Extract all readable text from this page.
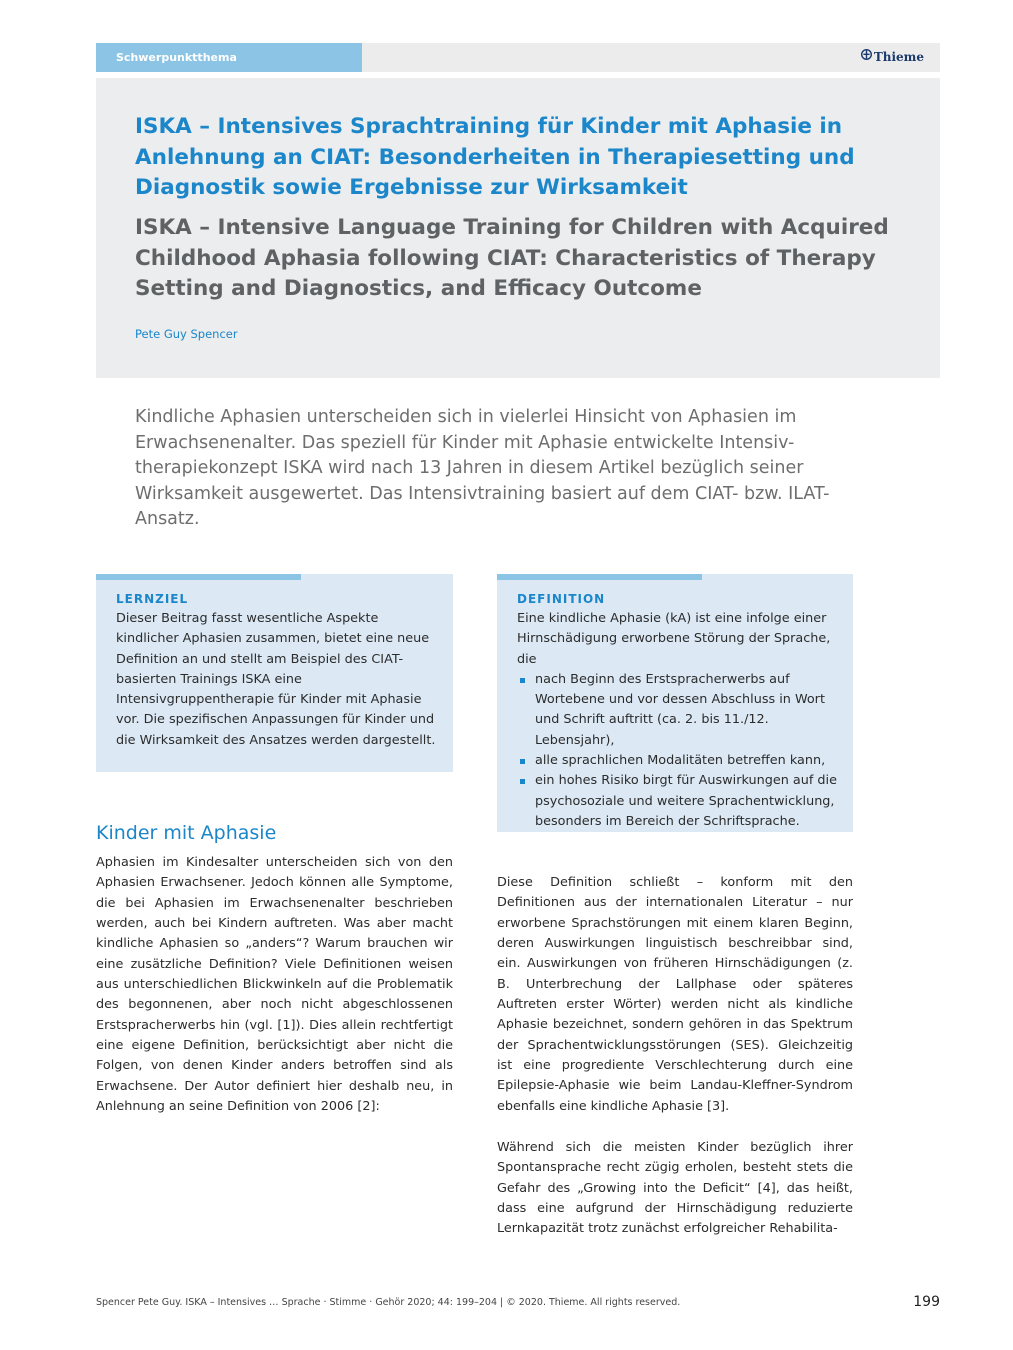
Schwerpunktthema	Thieme
ISKA – Intensives Sprachtraining für Kinder mit Aphasie in Anlehnung an CIAT: Besonderheiten in Therapiesetting und Diagnostik sowie Ergebnisse zur Wirksamkeit
ISKA – Intensive Language Training for Children with Acquired Childhood Aphasia following CIAT: Characteristics of Therapy Setting and Diagnostics, and Efficacy Outcome
Pete Guy Spencer

Kindliche Aphasien unterscheiden sich in vielerlei Hinsicht von Aphasien im Erwachsenenalter. Das speziell für Kinder mit Aphasie entwickelte Intensiv-therapiekonzept ISKA wird nach 13 Jahren in diesem Artikel bezüglich seiner Wirksamkeit ausgewertet. Das Intensivtraining basiert auf dem CIAT- bzw. ILAT-Ansatz.

LERNZIEL

Dieser Beitrag fasst wesentliche Aspekte kindlicher Aphasien zusammen, bietet eine neue Definition an und stellt am Beispiel des CIAT-basierten Trainings ISKA eine Intensivgruppentherapie für Kinder mit Aphasie vor. Die spezifischen Anpassungen für Kinder und die Wirksamkeit des Ansatzes werden dargestellt.

DEFINITION

Eine kindliche Aphasie (kA) ist eine infolge einer Hirnschädigung erworbene Störung der Sprache, die

nach Beginn des Erstspracherwerbs auf Wortebene und vor dessen Abschluss in Wort und Schrift auftritt (ca. 2. bis 11./12. Lebensjahr),
alle sprachlichen Modalitäten betreffen kann,
ein hohes Risiko birgt für Auswirkungen auf die psychosoziale und weitere Sprachentwicklung, besonders im Bereich der Schriftsprache.
Kinder mit Aphasie

Aphasien im Kindesalter unterscheiden sich von den Aphasien Erwachsener. Jedoch können alle Symptome, die bei Aphasien im Erwachsenenalter beschrieben werden, auch bei Kindern auftreten. Was aber macht kindliche Aphasien so „anders“? Warum brauchen wir eine zusätzliche Definition? Viele Definitionen weisen aus unterschiedlichen Blickwinkeln auf die Problematik des begonnenen, aber noch nicht abgeschlossenen Erstspracherwerbs hin (vgl. [1]). Dies allein rechtfertigt eine eigene Definition, berücksichtigt aber nicht die Folgen, von denen Kinder anders betroffen sind als Erwachsene. Der Autor definiert hier deshalb neu, in Anlehnung an seine Definition von 2006 [2]:

Diese Definition schließt – konform mit den Definitionen aus der internationalen Literatur – nur erworbene Sprachstörungen mit einem klaren Beginn, deren Auswirkungen linguistisch beschreibbar sind, ein. Auswirkungen von früheren Hirnschädigungen (z. B. Unterbrechung der Lallphase oder späteres Auftreten erster Wörter) werden nicht als kindliche Aphasie bezeichnet, sondern gehören in das Spektrum der Sprachentwicklungsstörungen (SES). Gleichzeitig ist eine progrediente Verschlechterung durch eine Epilepsie-Aphasie wie beim Landau-Kleffner-Syndrom ebenfalls eine kindliche Aphasie [3].

Während sich die meisten Kinder bezüglich ihrer Spontansprache recht zügig erholen, besteht stets die Gefahr des „Growing into the Deficit“ [4], das heißt, dass eine aufgrund der Hirnschädigung reduzierte Lernkapazität trotz zunächst erfolgreicher Rehabilita-

Spencer Pete Guy. ISKA – Intensives … Sprache · Stimme · Gehör 2020; 44: 199–204 | © 2020. Thieme. All rights reserved.	199
